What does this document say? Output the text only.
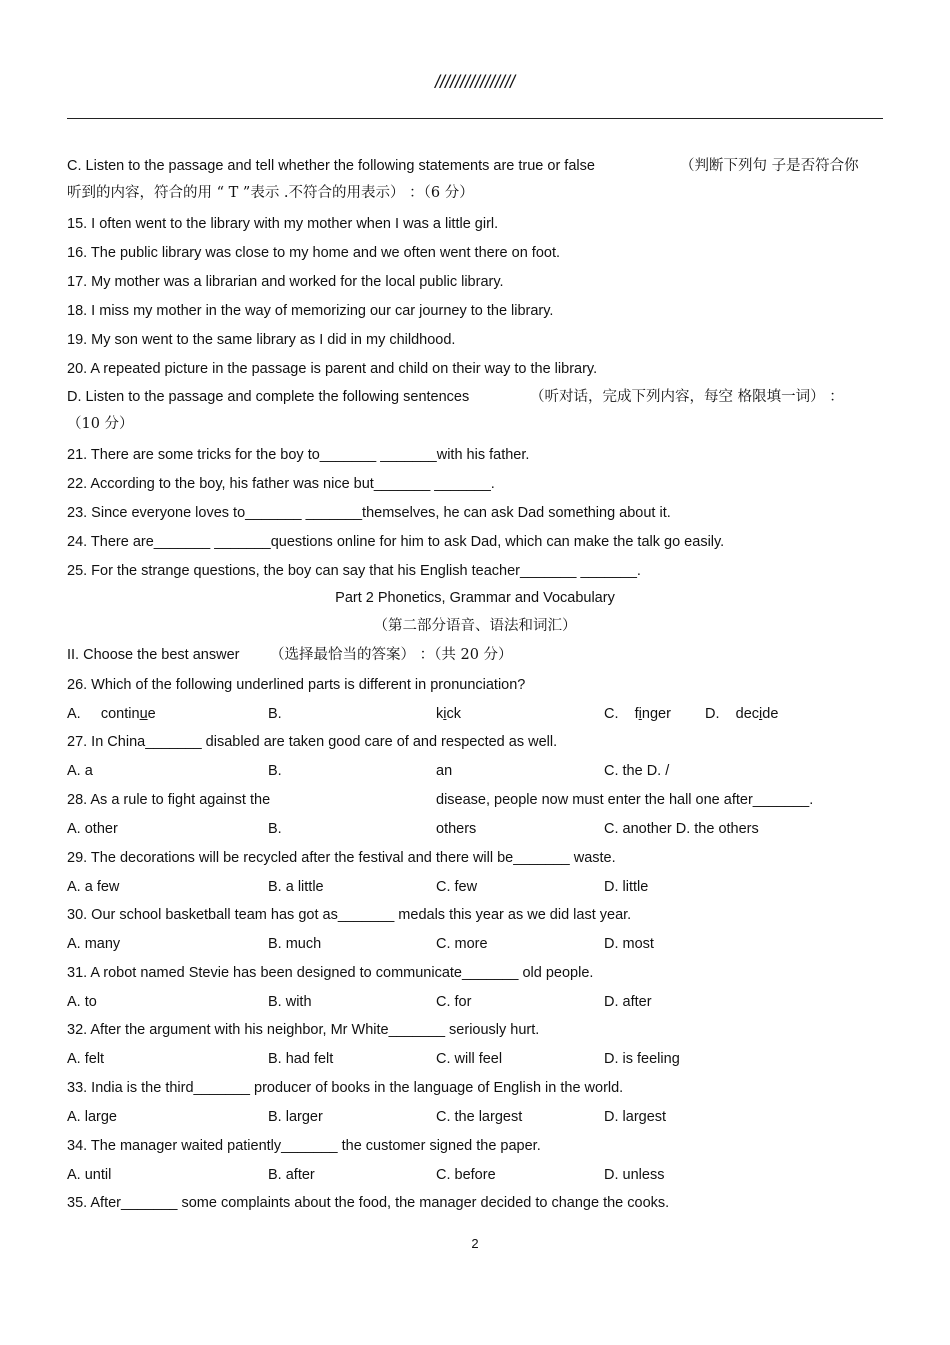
////////////////
C. Listen to the passage and tell whether the following statements are true or false	（判断下列句 子是否符合你
听到的内容，符合的用 “ T ”表示 .不符合的用表示） ：（6 分）
15. I often went to the library with my mother when I was a little girl.
16. The public library was close to my home and we often went there on foot.
17. My mother was a librarian and worked for the local public library.
18. I miss my mother in the way of memorizing our car journey to the library.
19. My son went to the same library as I did in my childhood.
20. A repeated picture in the passage is parent and child on their way to the library.
D. Listen to the passage and complete the following sentences	（听对话，完成下列内容，每空 格限填一词） ：
（10 分）
21. There are some tricks for the boy to_______ _______with his father.
22. According to the boy, his father was nice but_______ _______.
23. Since everyone loves to_______ _______themselves, he can ask Dad something about it.
24. There are_______ _______questions online for him to ask Dad, which can make the talk go easily.
25. For the strange questions, the boy can say that his English teacher_______ _______.
Part 2 Phonetics, Grammar and Vocabulary
（第二部分语音、语法和词汇）
II. Choose the best answer （选择最恰当的答案） ：（共 20 分）
26. Which of the following underlined parts is different in pronunciation?
A. continue	B.	kick	C. finger D. decide
27. In China_______ disabled are taken good care of and respected as well.
A. a	B.	an	C. the D. /
28. As a rule to fight against the	disease, people now must enter the hall one after_______.
A. other	B.	others	C. another D. the others
29. The decorations will be recycled after the festival and there will be_______ waste.
A. a few	B. a little	C. few	D. little
30. Our school basketball team has got as_______ medals this year as we did last year.
A. many	B. much	C. more	D. most
31. A robot named Stevie has been designed to communicate_______ old people.
A. to	B. with	C. for	D. after
32. After the argument with his neighbor, Mr White_______ seriously hurt.
A. felt	B. had felt	C. will feel	D. is feeling
33. India is the third_______ producer of books in the language of English in the world.
A. large	B. larger	C. the largest	D. largest
34. The manager waited patiently_______ the customer signed the paper.
A. until	B. after	C. before	D. unless
35. After_______ some complaints about the food, the manager decided to change the cooks.
2
